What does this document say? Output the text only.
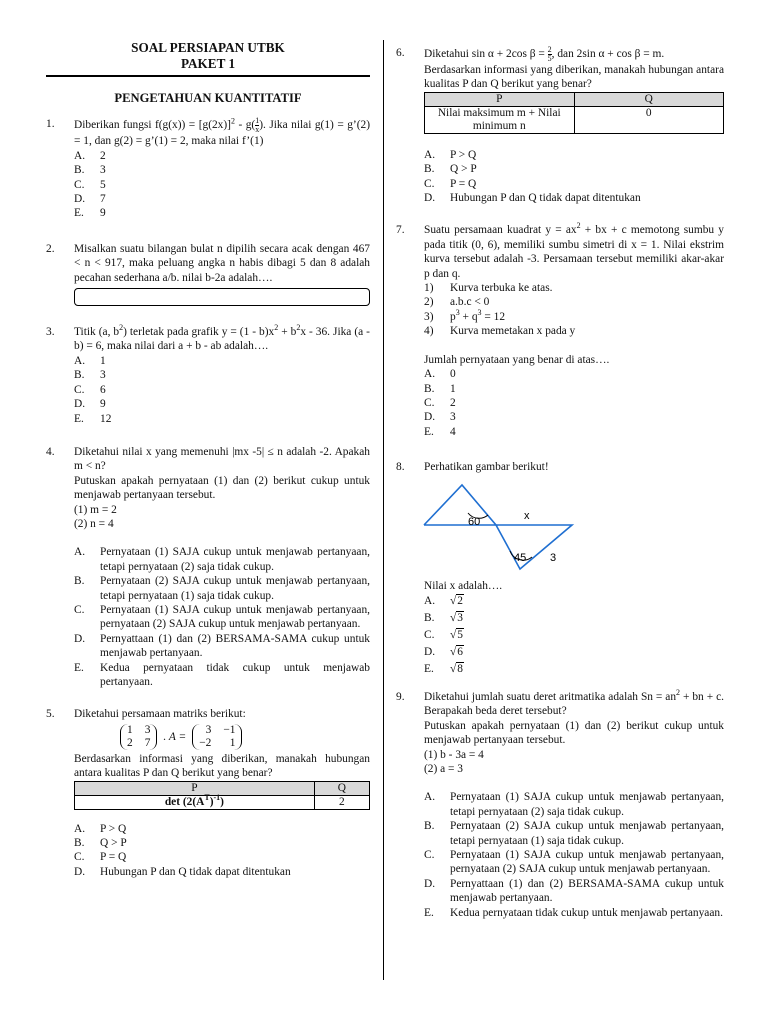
SOAL PERSIAPAN UTBK
PAKET 1
PENGETAHUAN KUANTITATIF
1. Diberikan fungsi $f(g(x)) = [g(2x)]^2 - g( \frac{1}{x}$ ). Jika nilai g(1) = g’(2) = 1, dan g(2) = g’(1) = 2, maka nilai f’(1)
A. 2
B. 3
C. 5
D. 7
E. 9
2. Misalkan suatu bilangan bulat n dipilih secara acak dengan 467 < n < 917, maka peluang angka n habis dibagi 5 dan 8 adalah pecahan sederhana a/b. nilai b-2a adalah….
3. Titik (a, $b^2$) terletak pada grafik $y = (1 - b)x^2 + b^2x - 36$. Jika (a - b) = 6, maka nilai dari a + b - ab adalah….
A. 1
B. 3
C. 6
D. 9
E. 12
4. Diketahui nilai x yang memenuhi |mx -5| ≤ n adalah -2. Apakah m < n?
Putuskan apakah pernyataan (1) dan (2) berikut cukup untuk menjawab pertanyaan tersebut.
(1) m = 2
(2) n = 4
A. Pernyataan (1) SAJA cukup untuk menjawab pertanyaan, tetapi pernyataan (2) saja tidak cukup.
B. Pernyataan (2) SAJA cukup untuk menjawab pertanyaan, tetapi pernyataan (1) saja tidak cukup.
C. Pernyataan (1) SAJA cukup untuk menjawab pertanyaan, pernyataan (2) SAJA cukup untuk menjawab pertanyaan.
D. Pernyattaan (1) dan (2) BERSAMA-SAMA cukup untuk menjawab pertanyaan.
E. Kedua pernyataan tidak cukup untuk menjawab pertanyaan.
5. Diketahui persamaan matriks berikut:
1 3
2 7
. A =
3 −1
−2	1
Berdasarkan informasi yang diberikan, manakah hubungan antara kualitas P dan Q berikut yang benar?
P	Q
$\det (2(A^T)^{-1})$	2
A. P > Q
B. Q > P
C. P = Q
D. Hubungan P dan Q tidak dapat ditentukan
6. Diketahui sin α + 2cos $\beta = \frac{2}{5}$ , dan 2sin α + cos β = m.
Berdasarkan informasi yang diberikan, manakah hubungan antara kualitas P dan Q berikut yang benar?
P	Q
Nilai maksimum m + Nilai minimum n	0
A. P > Q
B. Q > P
C. P = Q
D. Hubungan P dan Q tidak dapat ditentukan
7. Suatu persamaan kuadrat $y = ax^2$ + bx + c memotong sumbu y pada titik (0, 6), memiliki sumbu simetri di x = 1. Nilai ekstrim kurva tersebut adalah -3. Persamaan tersebut memiliki akar-akar p dan q.
1) Kurva terbuka ke atas.
2) a.b.c < 0
3) $p^3 + q^3 = 12$
4) Kurva memetakan x pada y
Jumlah pernyataan yang benar di atas….
A. 0
B. 1
C. 2
D. 3
E. 4
8. Perhatikan gambar berikut!
60	x
45 3
Nilai x adalah….
A. √2
B. √3
C. √5
D. √6
E. √8
9. Diketahui jumlah suatu deret aritmatika adalah $Sn = an^2$ + bn + c. Berapakah beda deret tersebut?
Putuskan apakah pernyataan (1) dan (2) berikut cukup untuk menjawab pertanyaan tersebut.
(1) b - 3a = 4
(2) a = 3
A. Pernyataan (1) SAJA cukup untuk menjawab pertanyaan, tetapi pernyataan (2) saja tidak cukup.
B. Pernyataan (2) SAJA cukup untuk menjawab pertanyaan, tetapi pernyataan (1) saja tidak cukup.
C. Pernyataan (1) SAJA cukup untuk menjawab pertanyaan, pernyataan (2) SAJA cukup untuk menjawab pertanyaan.
D. Pernyattaan (1) dan (2) BERSAMA-SAMA cukup untuk menjawab pertanyaan.
E. Kedua pernyataan tidak cukup untuk menjawab pertanyaan.
